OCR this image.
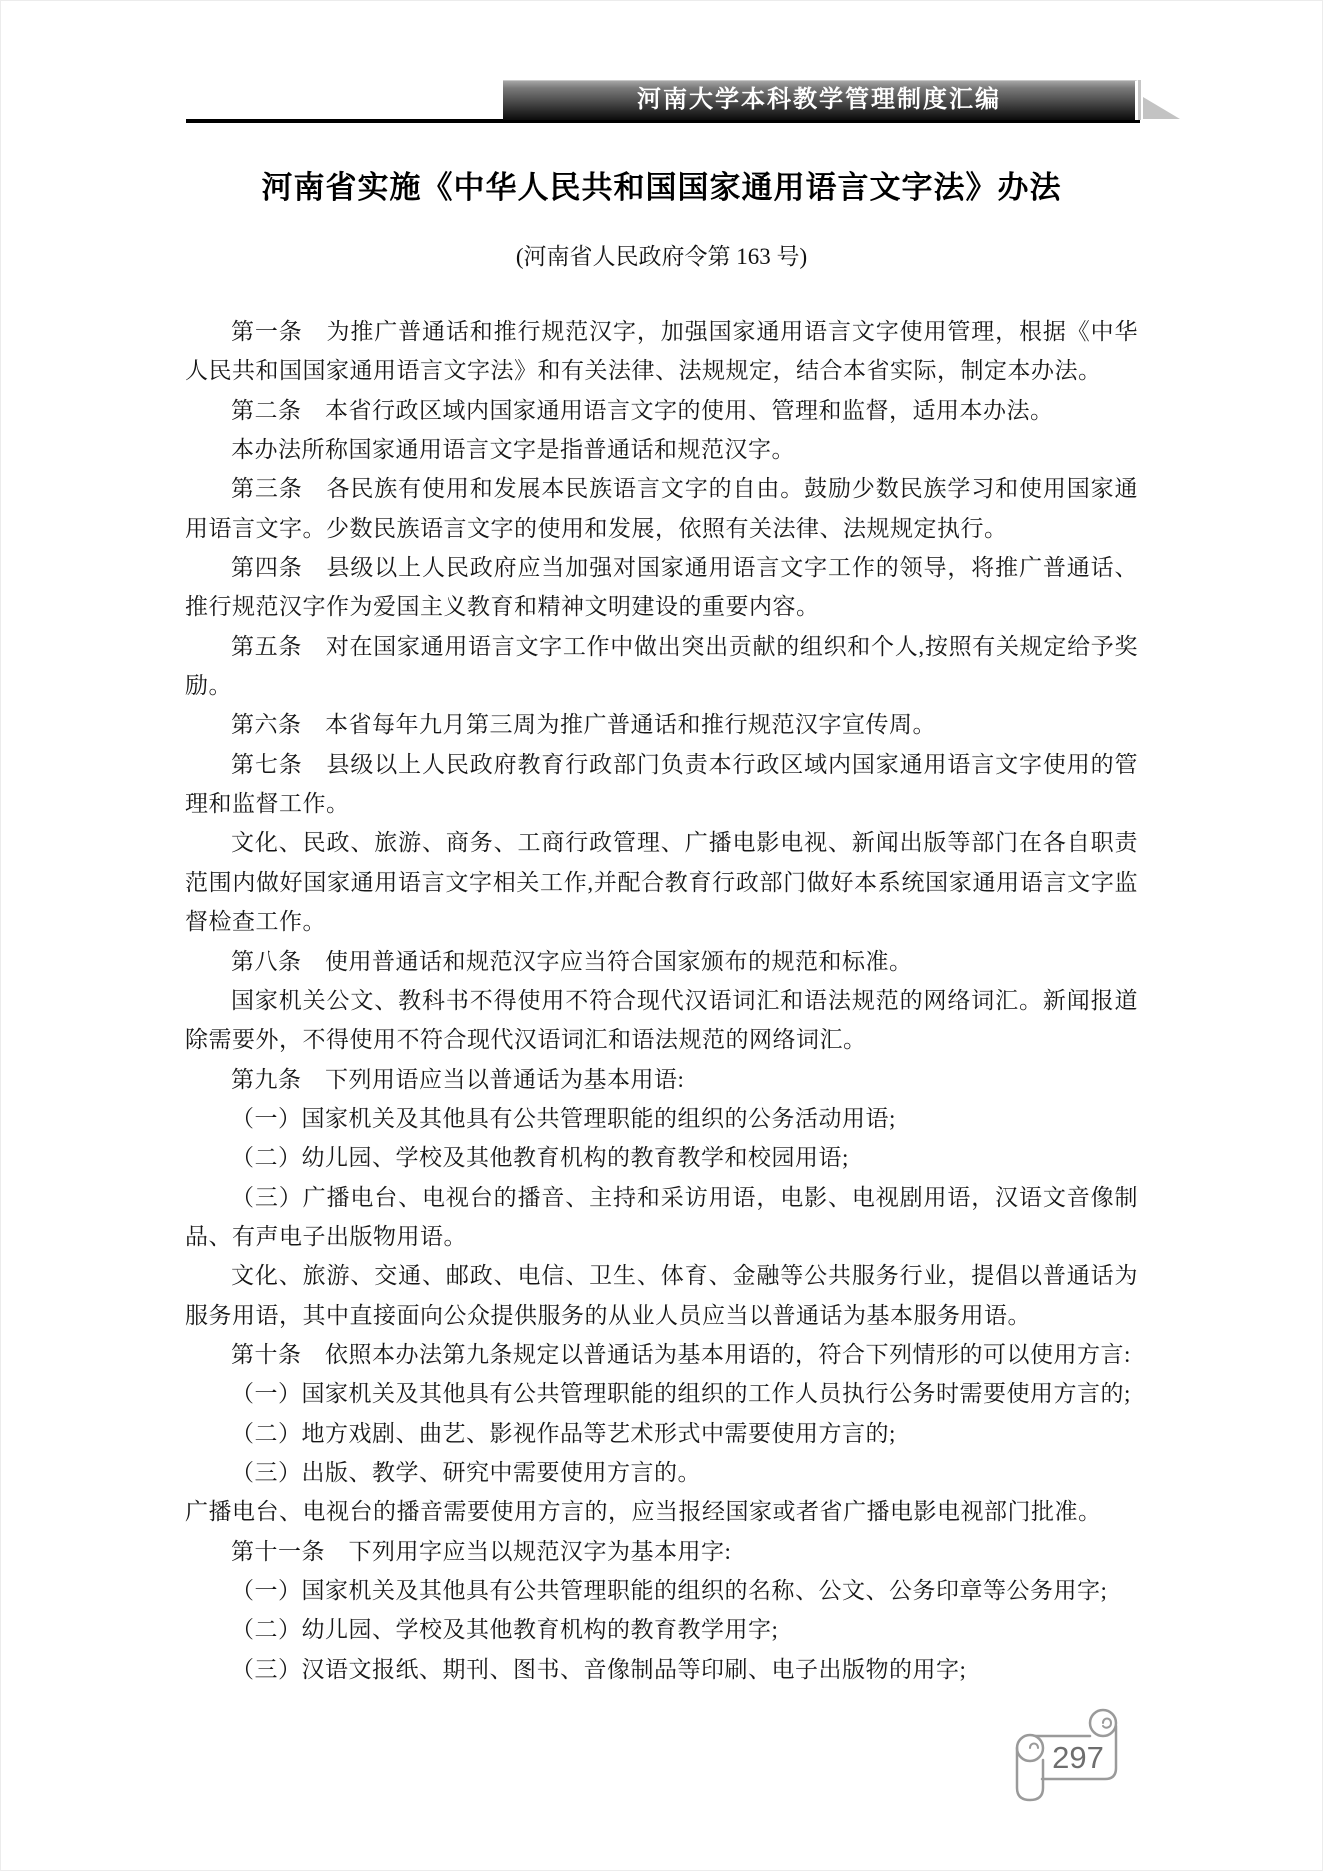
河南大学本科教学管理制度汇编
河南省实施《中华人民共和国国家通用语言文字法》办法
(河南省人民政府令第 163 号)

第一条　为推广普通话和推行规范汉字，加强国家通用语言文字使用管理，根据《中华人民共和国国家通用语言文字法》和有关法律、法规规定，结合本省实际，制定本办法。

第二条　本省行政区域内国家通用语言文字的使用、管理和监督，适用本办法。

本办法所称国家通用语言文字是指普通话和规范汉字。

第三条　各民族有使用和发展本民族语言文字的自由。鼓励少数民族学习和使用国家通用语言文字。少数民族语言文字的使用和发展，依照有关法律、法规规定执行。

第四条　县级以上人民政府应当加强对国家通用语言文字工作的领导，将推广普通话、推行规范汉字作为爱国主义教育和精神文明建设的重要内容。

第五条　对在国家通用语言文字工作中做出突出贡献的组织和个人,按照有关规定给予奖励。

第六条　本省每年九月第三周为推广普通话和推行规范汉字宣传周。

第七条　县级以上人民政府教育行政部门负责本行政区域内国家通用语言文字使用的管理和监督工作。

文化、民政、旅游、商务、工商行政管理、广播电影电视、新闻出版等部门在各自职责范围内做好国家通用语言文字相关工作,并配合教育行政部门做好本系统国家通用语言文字监督检查工作。

第八条　使用普通话和规范汉字应当符合国家颁布的规范和标准。

国家机关公文、教科书不得使用不符合现代汉语词汇和语法规范的网络词汇。新闻报道除需要外，不得使用不符合现代汉语词汇和语法规范的网络词汇。

第九条　下列用语应当以普通话为基本用语:

（一）国家机关及其他具有公共管理职能的组织的公务活动用语;

（二）幼儿园、学校及其他教育机构的教育教学和校园用语;

（三）广播电台、电视台的播音、主持和采访用语，电影、电视剧用语，汉语文音像制品、有声电子出版物用语。

文化、旅游、交通、邮政、电信、卫生、体育、金融等公共服务行业，提倡以普通话为服务用语，其中直接面向公众提供服务的从业人员应当以普通话为基本服务用语。

第十条　依照本办法第九条规定以普通话为基本用语的，符合下列情形的可以使用方言:

（一）国家机关及其他具有公共管理职能的组织的工作人员执行公务时需要使用方言的;

（二）地方戏剧、曲艺、影视作品等艺术形式中需要使用方言的;

（三）出版、教学、研究中需要使用方言的。

广播电台、电视台的播音需要使用方言的，应当报经国家或者省广播电影电视部门批准。

第十一条　下列用字应当以规范汉字为基本用字:

（一）国家机关及其他具有公共管理职能的组织的名称、公文、公务印章等公务用字;

（二）幼儿园、学校及其他教育机构的教育教学用字;

（三）汉语文报纸、期刊、图书、音像制品等印刷、电子出版物的用字;

297
